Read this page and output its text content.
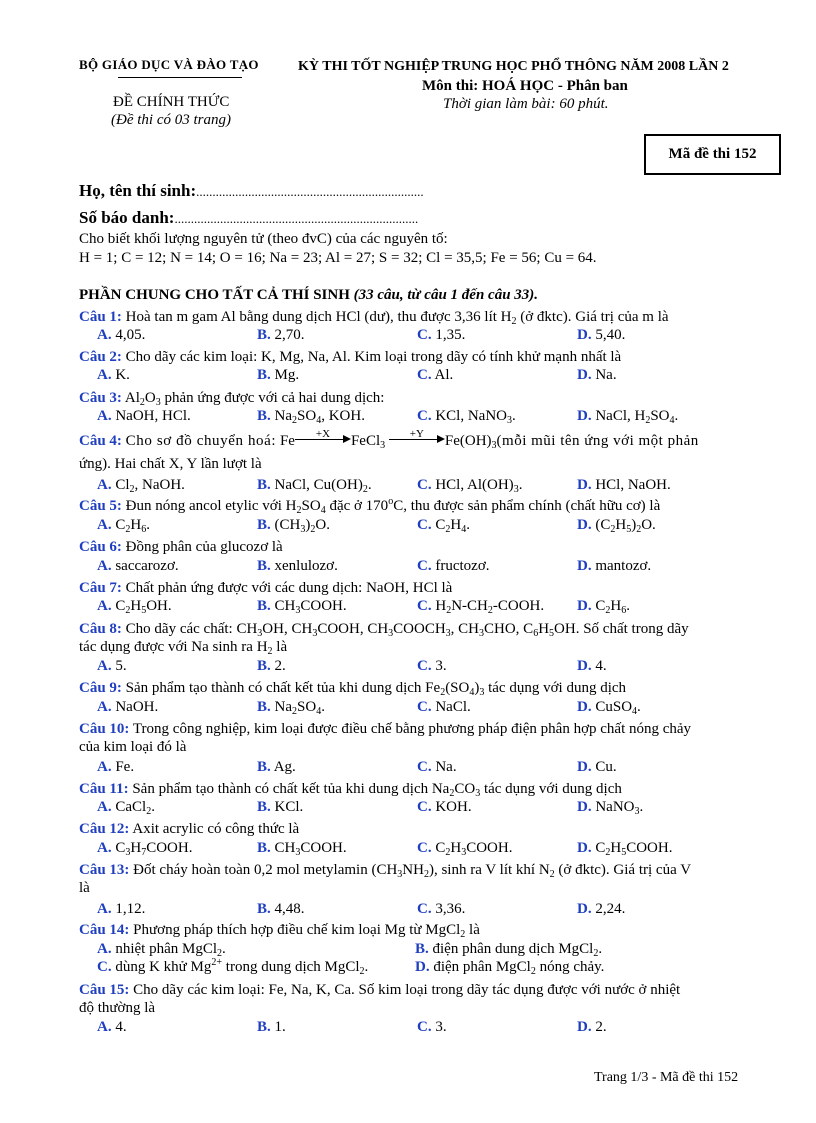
BỘ GIÁO DỤC VÀ ĐÀO TẠO	KỲ THI TỐT NGHIỆP TRUNG HỌC PHỔ THÔNG NĂM 2008 LẦN 2
Môn thi: HOÁ HỌC - Phân ban
ĐỀ CHÍNH THỨC	Thời gian làm bài: 60 phút.
(Đề thi có 03 trang)
Mã đề thi 152
Họ, tên thí sinh:......................................................................
Số báo danh:...........................................................................
Cho biết khối lượng nguyên tử (theo đvC) của các nguyên tố:
H = 1; C = 12; N = 14; O = 16; Na = 23; Al = 27; S = 32; Cl = 35,5; Fe = 56; Cu = 64.
PHẦN CHUNG CHO TẤT CẢ THÍ SINH (33 câu, từ câu 1 đến câu 33).
Câu 1: Hoà tan m gam Al bằng dung dịch HCl (dư), thu được 3,36 lít $H_2$ (ở đktc). Giá trị của m là
A. 4,05.	B. 2,70.	C. 1,35.	D. 5,40.
Câu 2: Cho dãy các kim loại: K, Mg, Na, Al. Kim loại trong dãy có tính khử mạnh nhất là
A. K.	B. Mg.	C. Al.	D. Na.
Câu 3: $Al_2O_3$ phản ứng được với cả hai dung dịch:
A. NaOH, HCl.	B. $Na_2SO_4$, KOH.	C. KCl, NaNO$_3$.	D. NaCl, $H_2SO_4$.
Câu 4: Cho sơ đồ chuyển hoá: Fe	+X	FeCl$_3$
+Y	$Fe(OH)_3(mỗi$ mũi tên ứng với một phản
ứng). Hai chất X, Y lần lượt là
A. $Cl_2$, NaOH.	B. NaCl, $Cu(OH)_2$.	C. HCl, $Al(OH)_3$.	D. HCl, NaOH.
Câu 5: Đun nóng ancol etylic với $H_2SO_4$ đặc ở 170$^o$C, thu được sản phẩm chính (chất hữu cơ) là
A. $C_2H_6$.	B. $(CH_3)_2O$.	C. $C_2H_4$.	D. $(C_2H_5)_2O$.
Câu 6: Đồng phân của glucozơ là
A. saccarozơ.	B. xenlulozơ.	C. fructozơ.	D. mantozơ.
Câu 7: Chất phản ứng được với các dung dịch: NaOH, HCl là
A. $C_2H_5OH$.	B. $CH_3COOH$.	C. $H_2N-CH_2$-COOH. D. $C_2H_6$.
Câu 8: Cho dãy các chất: $CH_3OH$, $CH_3COOH$, $CH_3COOCH_3$, $CH_3CHO$, $C_6H_5OH$. Số chất trong dãy
tác dụng được với Na sinh ra $H_2$ là
A. 5.	B. 2.	C. 3.	D. 4.
Câu 9: Sản phẩm tạo thành có chất kết tủa khi dung dịch $Fe_2(SO_4)_3$ tác dụng với dung dịch
A. NaOH.	B. $Na_2SO_4$.	C. NaCl.	D. CuSO$_4$.
Câu 10: Trong công nghiệp, kim loại được điều chế bằng phương pháp điện phân hợp chất nóng chảy
của kim loại đó là
A. Fe.	B. Ag.	C. Na.	D. Cu.
Câu 11: Sản phẩm tạo thành có chất kết tủa khi dung dịch $Na_2CO_3$ tác dụng với dung dịch
A. CaCl$_2$.	B. KCl.	C. KOH.	D. NaNO$_3$.
Câu 12: Axit acrylic có công thức là
A. $C_3H_7COOH$.	B. $CH_3COOH$.	C. $C_2H_3COOH$.	D. $C_2H_5COOH$.
Câu 13: Đốt cháy hoàn toàn 0,2 mol metylamin $(CH_3NH_2)$, sinh ra V lít khí $N_2$ (ở đktc). Giá trị của V
là
A. 1,12.	B. 4,48.	C. 3,36.	D. 2,24.
Câu 14: Phương pháp thích hợp điều chế kim loại Mg từ MgCl$_2$ là
A. nhiệt phân MgCl$_2$.	B. điện phân dung dịch MgCl$_2$.
C. dùng K khử $Mg^{2+}$ trong dung dịch MgCl$_2$.	D. điện phân MgCl$_2$ nóng chảy.
Câu 15: Cho dãy các kim loại: Fe, Na, K, Ca. Số kim loại trong dãy tác dụng được với nước ở nhiệt
độ thường là
A. 4.	B. 1.	C. 3.	D. 2.
Trang 1/3 - Mã đề thi 152
